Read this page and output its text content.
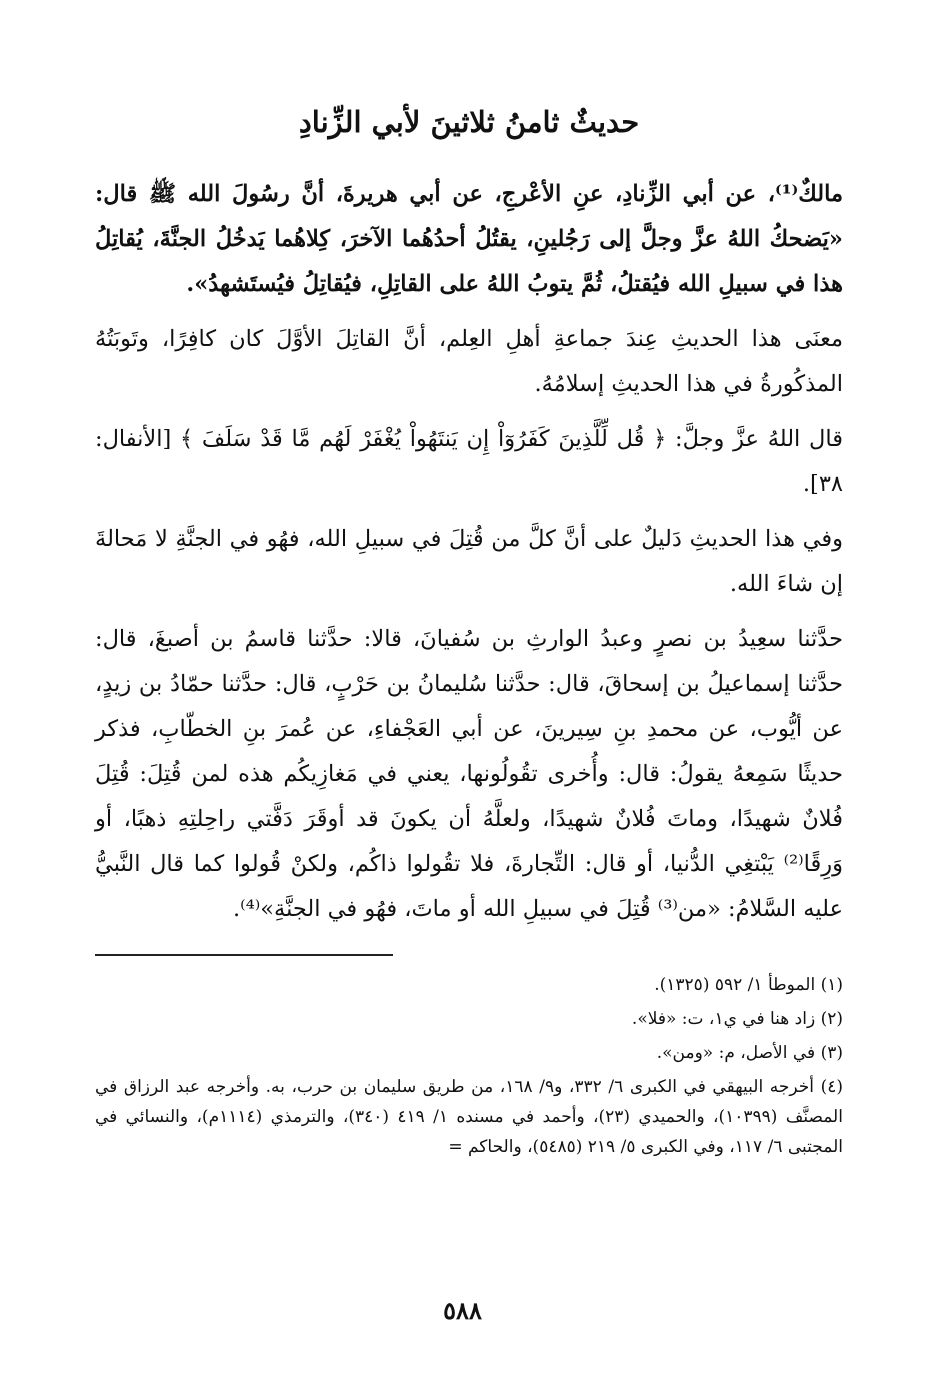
حديثٌ ثامنُ ثلاثينَ لأبي الزِّنادِ

مالكٌ⁽¹⁾، عن أبي الزِّنادِ، عنِ الأعْرجِ، عن أبي هريرةَ، أنَّ رسُولَ الله ﷺ قال: «يَضحكُ اللهُ عزَّ وجلَّ إلى رَجُلينِ، يقتُلُ أحدُهُما الآخرَ، كِلاهُما يَدخُلُ الجنَّةَ، يُقاتِلُ هذا في سبيلِ الله فيُقتلُ، ثُمَّ يتوبُ اللهُ على القاتِلِ، فيُقاتِلُ فيُستَشهدُ».

معنَى هذا الحديثِ عِندَ جماعةِ أهلِ العِلم، أنَّ القاتِلَ الأوَّلَ كان كافِرًا، وتَوبَتُهُ المذكُورةُ في هذا الحديثِ إسلامُهُ.

قال اللهُ عزَّ وجلَّ: ﴿ قُل لِّلَّذِينَ كَفَرُوٓاْ إِن يَنتَهُواْ يُغْفَرْ لَهُم مَّا قَدْ سَلَفَ ﴾ [الأنفال: ٣٨].

وفي هذا الحديثِ دَليلٌ على أنَّ كلَّ من قُتِلَ في سبيلِ الله، فهُو في الجنَّةِ لا مَحالةَ إن شاءَ الله.

حدَّثنا سعِيدُ بن نصرٍ وعبدُ الوارثِ بن سُفيانَ، قالا: حدَّثنا قاسمُ بن أصبغَ، قال: حدَّثنا إسماعيلُ بن إسحاقَ، قال: حدَّثنا سُليمانُ بن حَرْبٍ، قال: حدَّثنا حمّادُ بن زيدٍ، عن أيُّوب، عن محمدِ بنِ سِيرينَ، عن أبي العَجْفاءِ، عن عُمرَ بنِ الخطّابِ، فذكر حديثًا سَمِعهُ يقولُ: قال: وأُخرى تقُولُونها، يعني في مَغازِيكُم هذه لمن قُتِلَ: قُتِلَ فُلانٌ شهيدًا، وماتَ فُلانٌ شهيدًا، ولعلَّهُ أن يكونَ قد أوقَرَ دَفَّتي راحِلتِهِ ذهبًا، أو وَرِقًا⁽²⁾ يَبْتغِي الدُّنيا، أو قال: التِّجارةَ، فلا تقُولوا ذاكُم، ولكنْ قُولوا كما قال النَّبيُّ عليه السَّلامُ: «من⁽³⁾ قُتِلَ في سبيلِ الله أو ماتَ، فهُو في الجنَّةِ»⁽⁴⁾.

(١) الموطأ ١/ ٥٩٢ (١٣٢٥).

(٢) زاد هنا في ي١، ت: «فلا».

(٣) في الأصل، م: «ومن».

(٤) أخرجه البيهقي في الكبرى ٦/ ٣٣٢، و٩/ ١٦٨، من طريق سليمان بن حرب، به. وأخرجه عبد الرزاق في المصنَّف (١٠٣٩٩)، والحميدي (٢٣)، وأحمد في مسنده ١/ ٤١٩ (٣٤٠)، والترمذي (١١١٤م)، والنسائي في المجتبى ٦/ ١١٧، وفي الكبرى ٥/ ٢١٩ (٥٤٨٥)، والحاكم =

٥٨٨
